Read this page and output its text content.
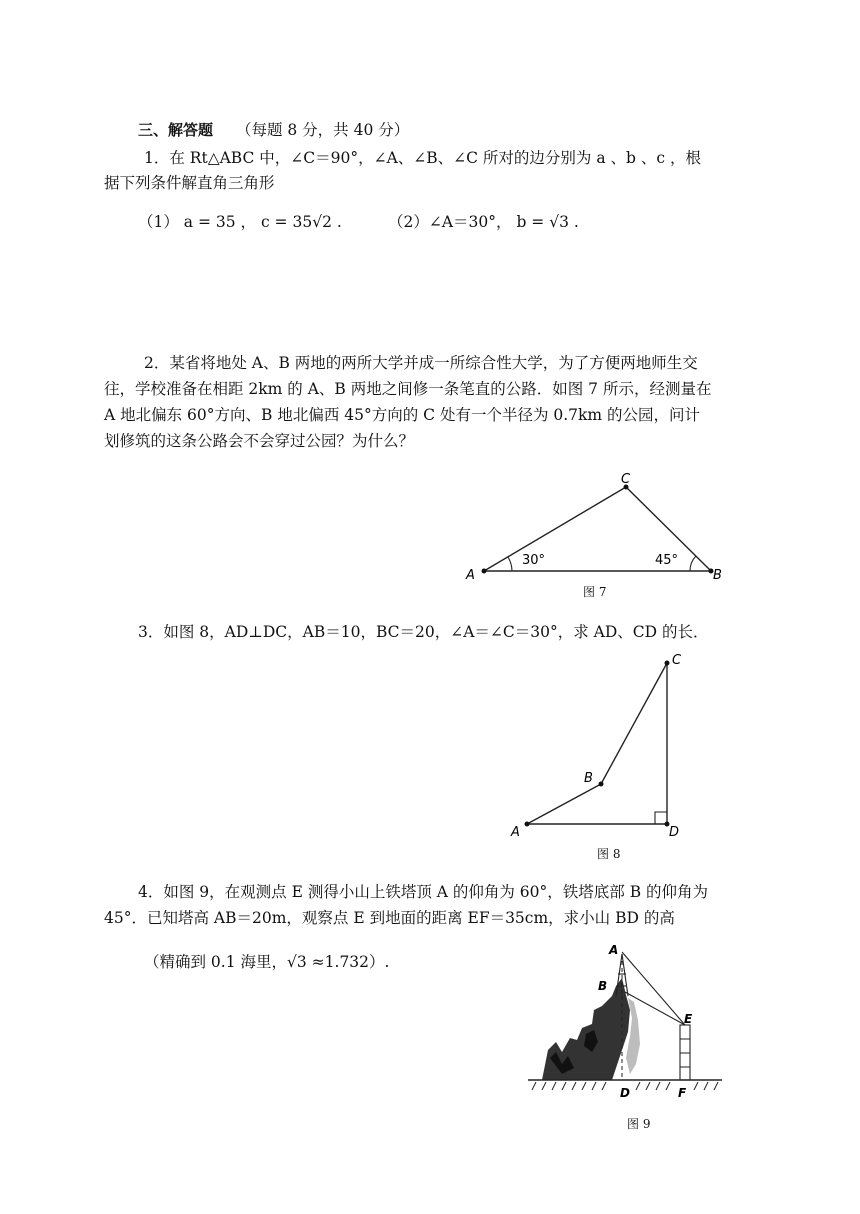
三、解答题 （每题 8 分，共 40 分）
1．在 Rt△ABC 中，∠C＝90°，∠A、∠B、∠C 所对的边分别为 a 、b 、c ，根
据下列条件解直角三角形
（1） a = 35 ， c = 35√2 .	（2）∠A＝30°， b = √3 .
2．某省将地处 A、B 两地的两所大学并成一所综合性大学，为了方便两地师生交
往，学校准备在相距 2km 的 A、B 两地之间修一条笔直的公路．如图 7 所示，经测量在
A 地北偏东 60°方向、B 地北偏西 45°方向的 C 处有一个半径为 0.7km 的公园，问计
划修筑的这条公路会不会穿过公园？为什么？
A	B
C
30°	45°
图 7
3．如图 8，AD⊥DC，AB＝10，BC＝20，∠A＝∠C＝30°，求 AD、CD 的长．
A
B
C
D
图 8
4．如图 9，在观测点 E 测得小山上铁塔顶 A 的仰角为 60°，铁塔底部 B 的仰角为
45°．已知塔高 AB＝20m，观察点 E 到地面的距离 EF＝35cm，求小山 BD 的高
（精确到 0.1 海里，√3 ≈1.732）.
A
B
E
D	F
图 9
